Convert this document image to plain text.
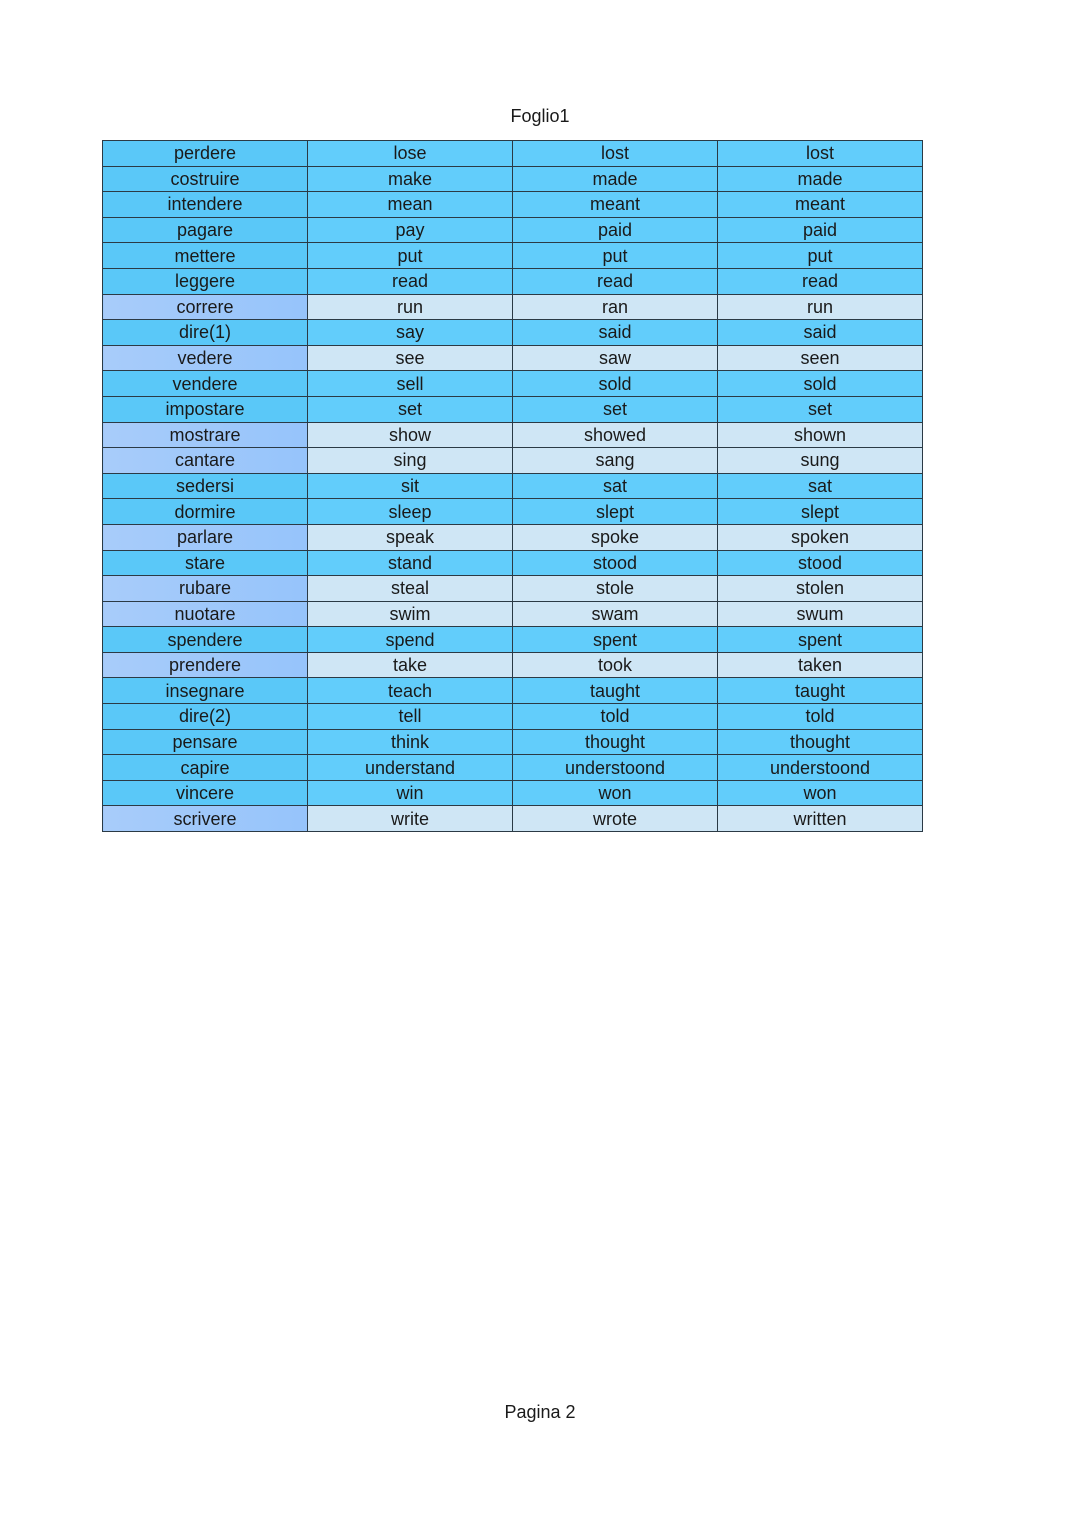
Foglio1
perdere	lose	lost	lost
costruire	make	made	made
intendere	mean	meant	meant
pagare	pay	paid	paid
mettere	put	put	put
leggere	read	read	read
correre	run	ran	run
dire(1)	say	said	said
vedere	see	saw	seen
vendere	sell	sold	sold
impostare	set	set	set
mostrare	show	showed	shown
cantare	sing	sang	sung
sedersi	sit	sat	sat
dormire	sleep	slept	slept
parlare	speak	spoke	spoken
stare	stand	stood	stood
rubare	steal	stole	stolen
nuotare	swim	swam	swum
spendere	spend	spent	spent
prendere	take	took	taken
insegnare	teach	taught	taught
dire(2)	tell	told	told
pensare	think	thought	thought
capire	understand	understoond	understoond
vincere	win	won	won
scrivere	write	wrote	written
Pagina 2
